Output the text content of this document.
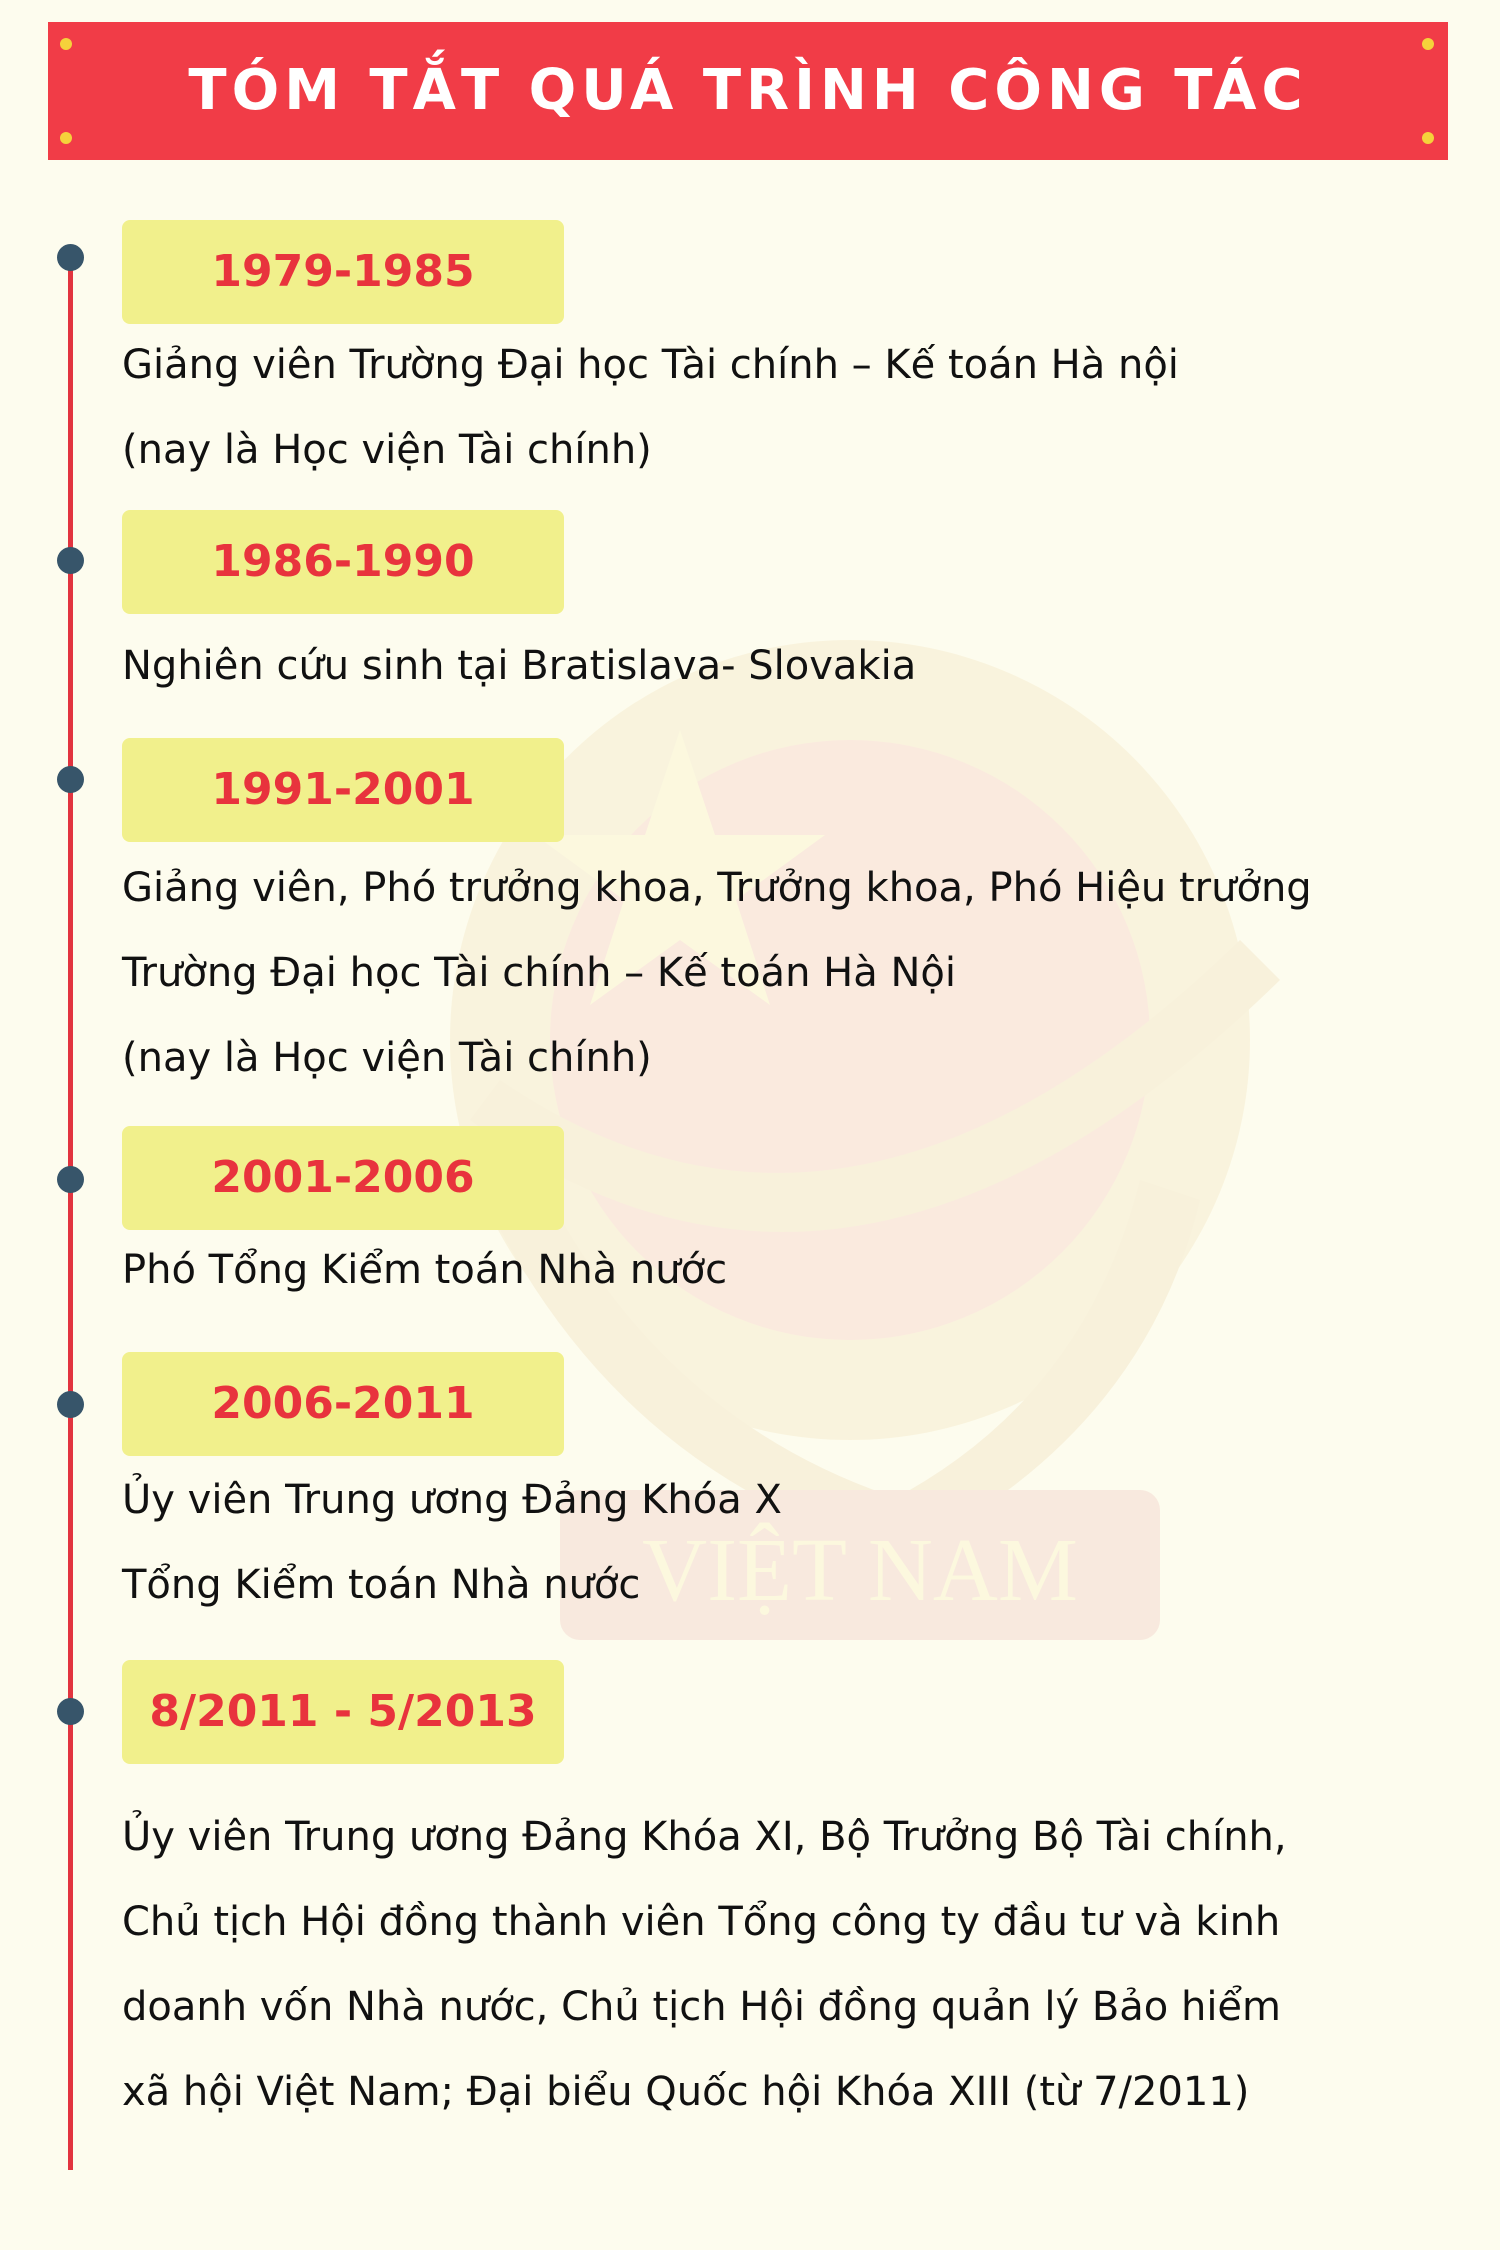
VIỆT NAM
TÓM TẮT QUÁ TRÌNH CÔNG TÁC
1979-1985
Giảng viên Trường Đại học Tài chính – Kế toán Hà nội
(nay là Học viện Tài chính)
1986-1990
Nghiên cứu sinh tại Bratislava- Slovakia
1991-2001
Giảng viên, Phó trưởng khoa, Trưởng khoa, Phó Hiệu trưởng
Trường Đại học Tài chính – Kế toán Hà Nội
(nay là Học viện Tài chính)
2001-2006
Phó Tổng Kiểm toán Nhà nước
2006-2011
Ủy viên Trung ương Đảng Khóa X
Tổng Kiểm toán Nhà nước
8/2011 - 5/2013
Ủy viên Trung ương Đảng Khóa XI, Bộ Trưởng Bộ Tài chính,
Chủ tịch Hội đồng thành viên Tổng công ty đầu tư và kinh
doanh vốn Nhà nước, Chủ tịch Hội đồng quản lý Bảo hiểm
xã hội Việt Nam; Đại biểu Quốc hội Khóa XIII (từ 7/2011)
